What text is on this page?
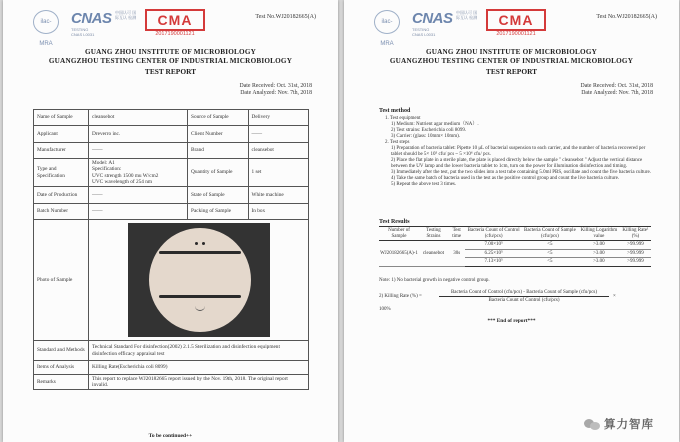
ilac-MRA
CNAS
TESTING
CNAS L0031
中国认可 国际互认 检测	CMA
2017190001121
Test No.WJ20182665(A)
GUANG ZHOU INSTITUTE OF MICROBIOLOGY
GUANGZHOU TESTING CENTER OF INDUSTRIAL MICROBIOLOGY
TEST REPORT
Date Received: Oct. 31st, 2018
Date Analyzed: Nov. 7th, 2018
Name of Sample	cleansebot	Source of Sample	Delivery
Applicant	Dreverro inc.	Client Number	——
Manufacturer	——	Brand	cleansebot
Type and Specification	Model: A1
Specification:
UVC strength 1500 mu W/cm2
UVC wavelength of 254 nm	Quantity of Sample	1 set
Date of Production	——	State of Sample	White machine
Batch Number	——	Packing of Sample	In box
Photo of Sample			

Standard and Methods	Technical Standard For disinfection(2002) 2.1.5 Sterilization and disinfection equipment disinfection efficacy appraisal test		
Items of Analysis	Killing Rate(Escherichia coli 8099)		
Remarks	This report to replace WJ20182665 report issued by the Nov. 19th, 2018. The original report invalid.		
To be continued++
ilac-MRA
CNAS
TESTING
CNAS L0031
中国认可 国际互认 检测	CMA
2017190001121
Test No.WJ20182665(A)
GUANG ZHOU INSTITUTE OF MICROBIOLOGY
GUANGZHOU TESTING CENTER OF INDUSTRIAL MICROBIOLOGY
TEST REPORT
Date Received: Oct. 31st, 2018
Date Analyzed: Nov. 7th, 2018
Test method

1. Test equipment

1) Medium: Nutrient agar medium（NA）.

2) Test strains: Escherichia coli 8099.

3) Carrier: (glass: 10mm× 10mm).

2. Test steps

1) Preparation of bacteria tablet: Pipette 10 μL of bacterial suspension to each carrier, and the number of bacteria recovered per tablet should be 5× 10⁵ cfu/ pcs ~ 5 ×10⁶ cfu/ pcs.

2) Place the flat plate in a sterile plate, the plate is placed directly below the sample " cleansebot " Adjust the vertical distance between the UV lamp and the lower bacteria tablet to 1cm, turn on the power for illumination disinfection and timing.

3) Immediately after the test, put the two slides into a test tube containing 5.0ml PBS, oscillate and count the five bacteria culture.

4) Take the same batch of bacteria used in the test as the positive control group and count the live bacteria culture.

5) Repeat the above test 3 times.

Test Results
Number of Sample	Testing Strains	Test time	Bacteria Count of Control (cfu/pcs)	Bacteria Count of Sample (cfu/pcs)	Killing Logarithm value	Killing Rate¹ (%)
WJ20182665(A)-1	cleansebot	30s	7.00×10⁵	<5	>3.00	>99.999
			6.25×10⁵	<5	>3.00	>99.999
			7.13×10⁵	<5	>3.00	>99.999
Note: 1) No bacterial growth in negative control group.
2) Killing Rate (%) =
Bacteria Count of Control (cfu/pcs) - Bacteria Count of Sample (cfu/pcs)
Bacteria Count of Control (cfu/pcs)
×
100%
*** End of report***
算力智库
